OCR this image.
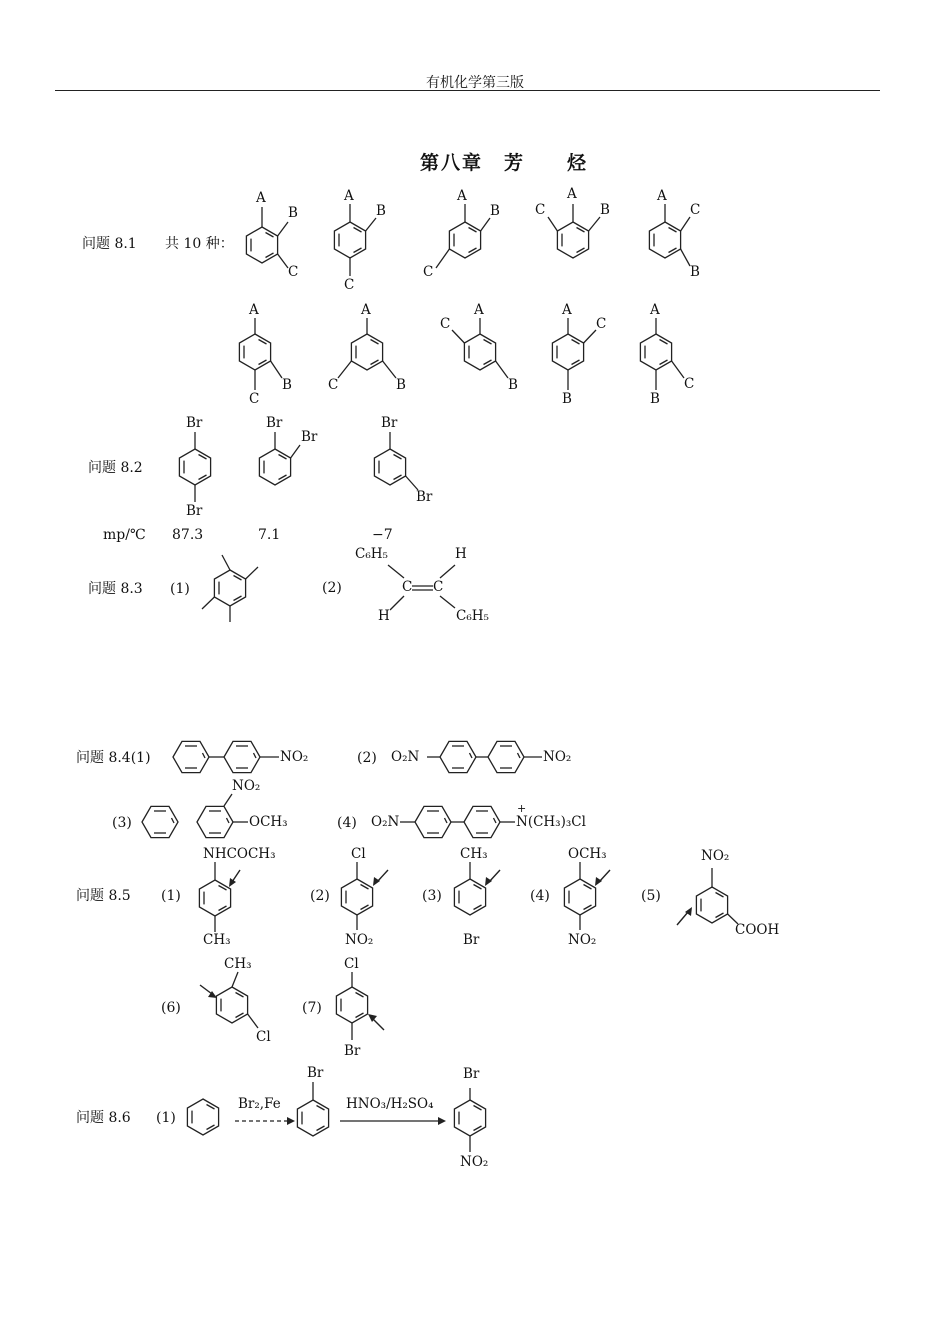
有机化学第三版
第八章　芳　　烃
问题 8.1 共 10 种：
A
B
C
A
B
C
A
B
C
A
B
C
A
B
C
A
B
C
A
B
C
A
B
C
A
B
C
A
B
C
问题 8.2
Br
Br
Br
Br
Br
Br
mp/℃ 87.3	7.1	−7
问题 8.3 (1)	(2)
C₆H₅	H
C C
H	C₆H₅
问题 8.4(1)	NO₂	(2) O₂N	NO₂
(3)
NO₂
OCH₃	(4) O₂N
+
N(CH₃)₃Cl
问题 8.5 (1)
NHCOCH₃
CH₃
(2)
Cl
NO₂
(3)
CH₃
Br
(4)
OCH₃
NO₂
(5)
NO₂
COOH
(6)
CH₃
Cl
(7)
Cl
Br
问题 8.6 (1)
Br₂,Fe
Br
HNO₃/H₂SO₄
Br
NO₂
